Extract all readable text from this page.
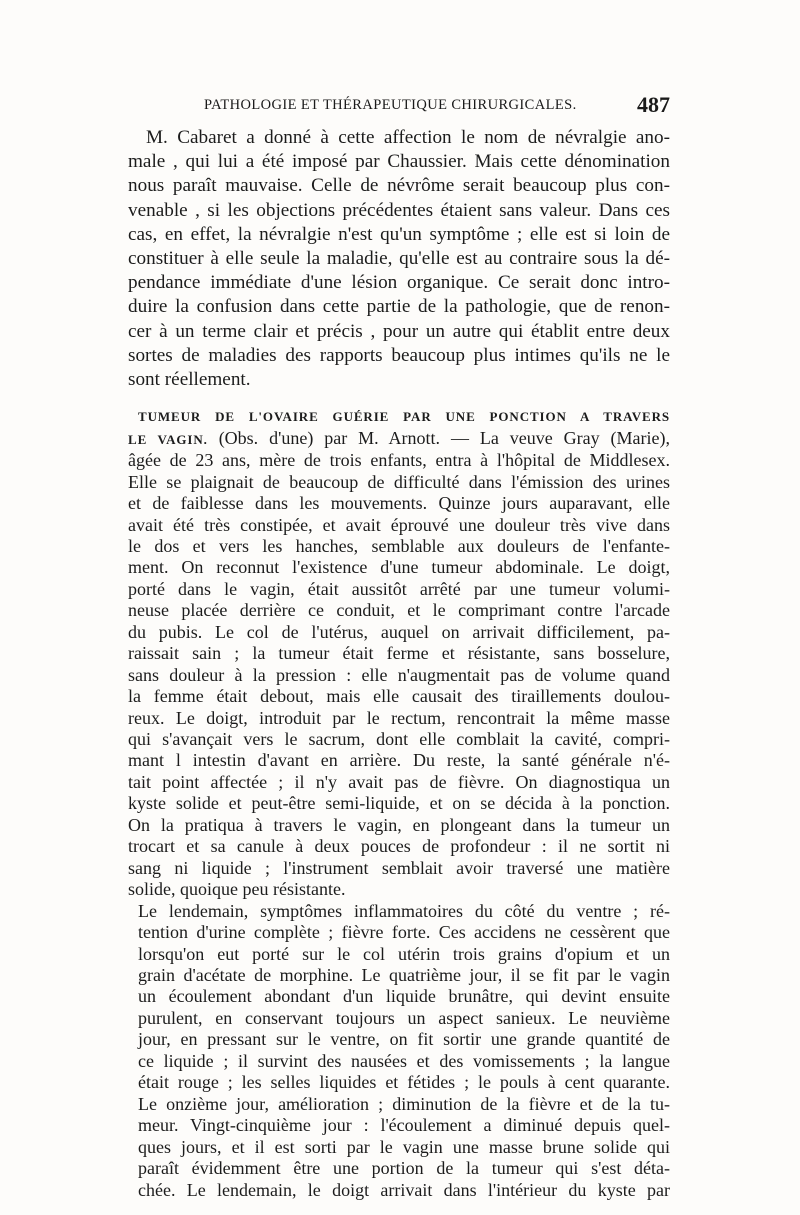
PATHOLOGIE ET THÉRAPEUTIQUE CHIRURGICALES.	487
M. Cabaret a donné à cette affection le nom de névralgie ano-
male , qui lui a été imposé par Chaussier. Mais cette dénomination
nous paraît mauvaise. Celle de névrôme serait beaucoup plus con-
venable , si les objections précédentes étaient sans valeur. Dans ces
cas, en effet, la névralgie n'est qu'un symptôme ; elle est si loin de
constituer à elle seule la maladie, qu'elle est au contraire sous la dé-
pendance immédiate d'une lésion organique. Ce serait donc intro-
duire la confusion dans cette partie de la pathologie, que de renon-
cer à un terme clair et précis , pour un autre qui établit entre deux
sortes de maladies des rapports beaucoup plus intimes qu'ils ne le
sont réellement.
TUMEUR DE L'OVAIRE GUÉRIE PAR UNE PONCTION A TRAVERS
LE VAGIN. (Obs. d'une) par M. Arnott. — La veuve Gray (Marie),
âgée de 23 ans, mère de trois enfants, entra à l'hôpital de Middlesex.
Elle se plaignait de beaucoup de difficulté dans l'émission des urines
et de faiblesse dans les mouvements. Quinze jours auparavant, elle
avait été très constipée, et avait éprouvé une douleur très vive dans
le dos et vers les hanches, semblable aux douleurs de l'enfante-
ment. On reconnut l'existence d'une tumeur abdominale. Le doigt,
porté dans le vagin, était aussitôt arrêté par une tumeur volumi-
neuse placée derrière ce conduit, et le comprimant contre l'arcade
du pubis. Le col de l'utérus, auquel on arrivait difficilement, pa-
raissait sain ; la tumeur était ferme et résistante, sans bosselure,
sans douleur à la pression : elle n'augmentait pas de volume quand
la femme était debout, mais elle causait des tiraillements doulou-
reux. Le doigt, introduit par le rectum, rencontrait la même masse
qui s'avançait vers le sacrum, dont elle comblait la cavité, compri-
mant l intestin d'avant en arrière. Du reste, la santé générale n'é-
tait point affectée ; il n'y avait pas de fièvre. On diagnostiqua un
kyste solide et peut-être semi-liquide, et on se décida à la ponction.
On la pratiqua à travers le vagin, en plongeant dans la tumeur un
trocart et sa canule à deux pouces de profondeur : il ne sortit ni
sang ni liquide ; l'instrument semblait avoir traversé une matière
solide, quoique peu résistante.
Le lendemain, symptômes inflammatoires du côté du ventre ; ré-
tention d'urine complète ; fièvre forte. Ces accidens ne cessèrent que
lorsqu'on eut porté sur le col utérin trois grains d'opium et un
grain d'acétate de morphine. Le quatrième jour, il se fit par le vagin
un écoulement abondant d'un liquide brunâtre, qui devint ensuite
purulent, en conservant toujours un aspect sanieux. Le neuvième
jour, en pressant sur le ventre, on fit sortir une grande quantité de
ce liquide ; il survint des nausées et des vomissements ; la langue
était rouge ; les selles liquides et fétides ; le pouls à cent quarante.
Le onzième jour, amélioration ; diminution de la fièvre et de la tu-
meur. Vingt-cinquième jour : l'écoulement a diminué depuis quel-
ques jours, et il est sorti par le vagin une masse brune solide qui
paraît évidemment être une portion de la tumeur qui s'est déta-
chée. Le lendemain, le doigt arrivait dans l'intérieur du kyste par
